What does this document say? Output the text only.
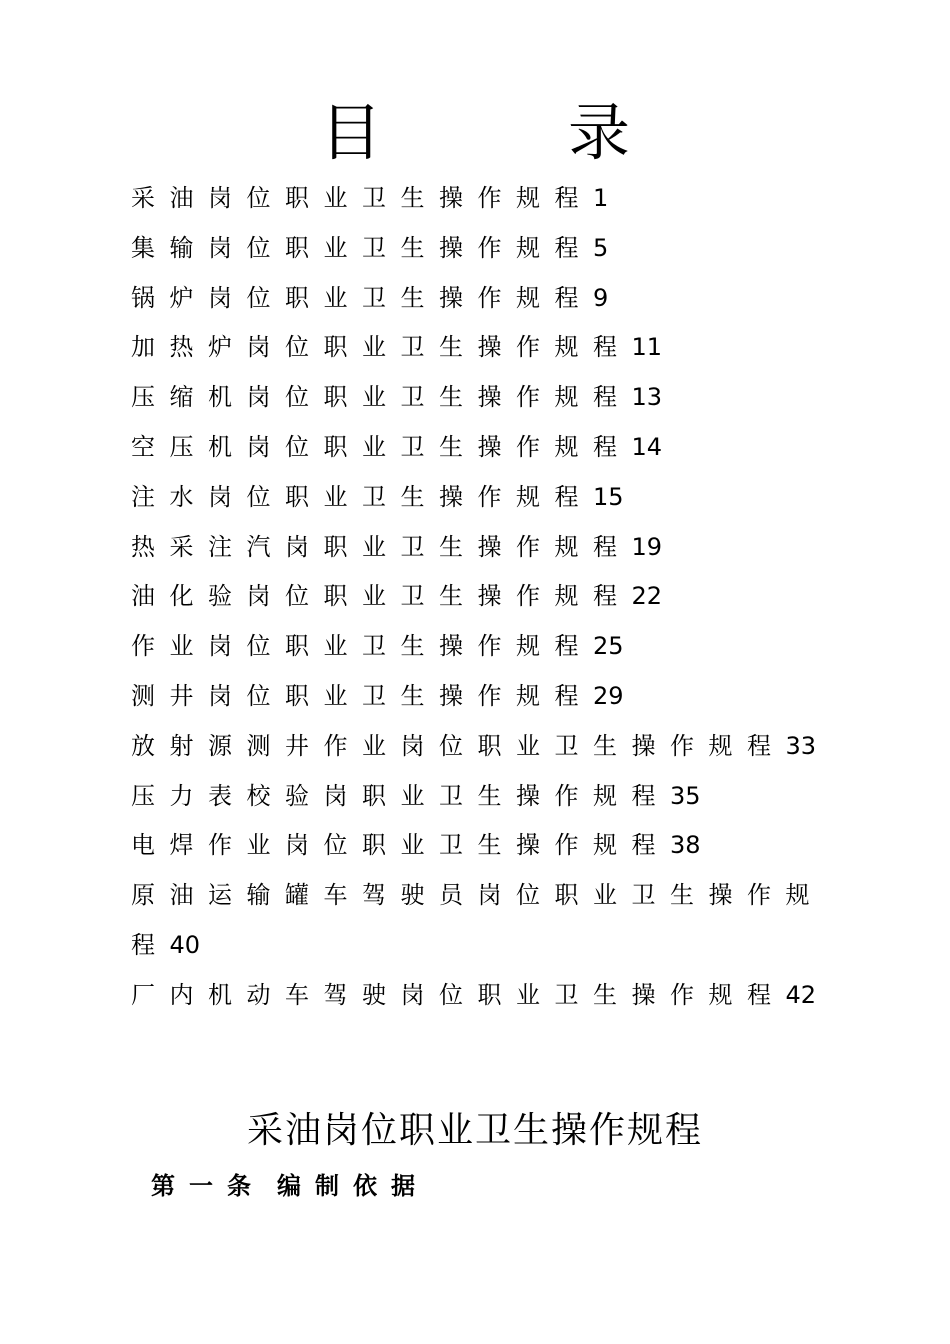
目　录
采油岗位职业卫生操作规程1
集输岗位职业卫生操作规程5
锅炉岗位职业卫生操作规程9
加热炉岗位职业卫生操作规程11
压缩机岗位职业卫生操作规程13
空压机岗位职业卫生操作规程14
注水岗位职业卫生操作规程15
热采注汽岗职业卫生操作规程19
油化验岗位职业卫生操作规程22
作业岗位职业卫生操作规程25
测井岗位职业卫生操作规程29
放射源测井作业岗位职业卫生操作规程33
压力表校验岗职业卫生操作规程35
电焊作业岗位职业卫生操作规程38
原油运输罐车驾驶员岗位职业卫生操作规程40
厂内机动车驾驶岗位职业卫生操作规程42
采油岗位职业卫生操作规程
第一条 编制依据
